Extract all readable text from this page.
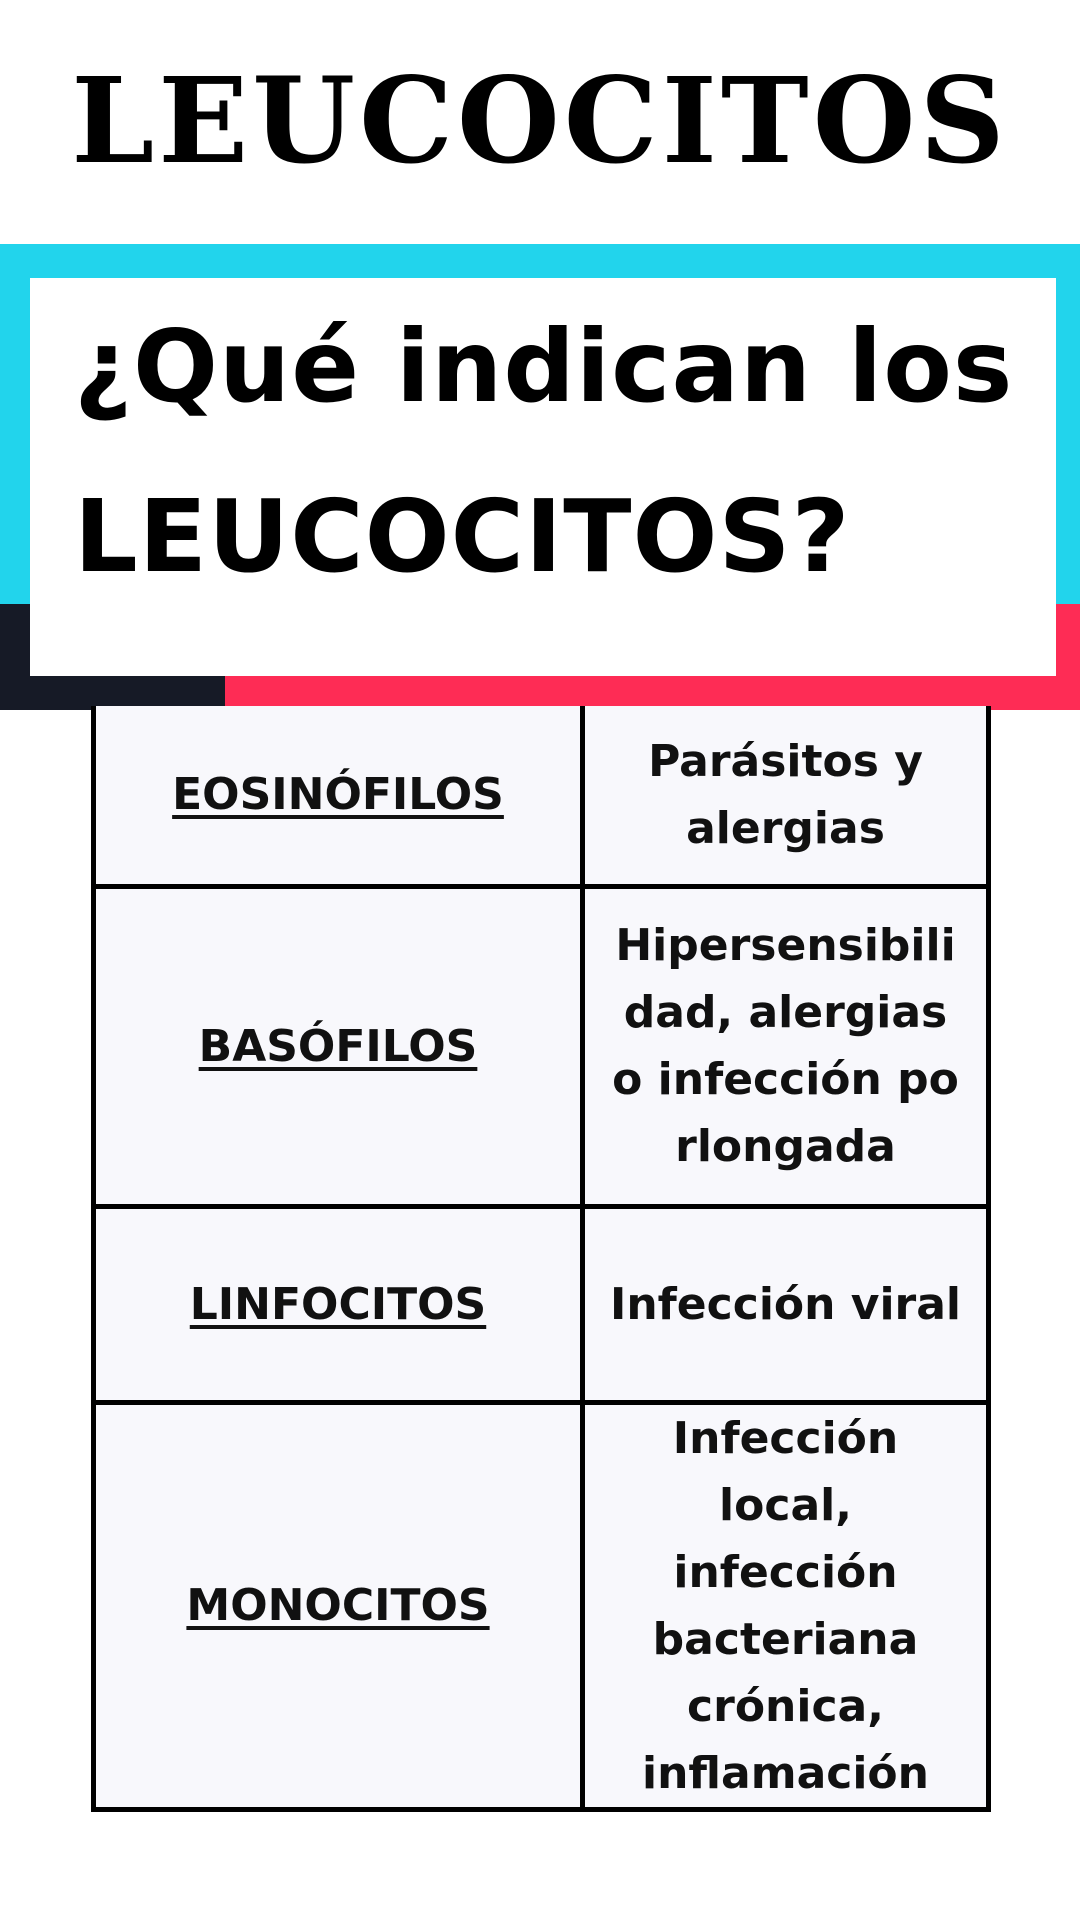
LEUCOCITOS
¿Qué indican los
LEUCOCITOS?
EOSINÓFILOS	Parásitos y alergias
BASÓFILOS	Hipersensibilidad, alergias o infección porlongada
LINFOCITOS	Infección viral
MONOCITOS	Infección local, infección bacteriana crónica, inflamación
